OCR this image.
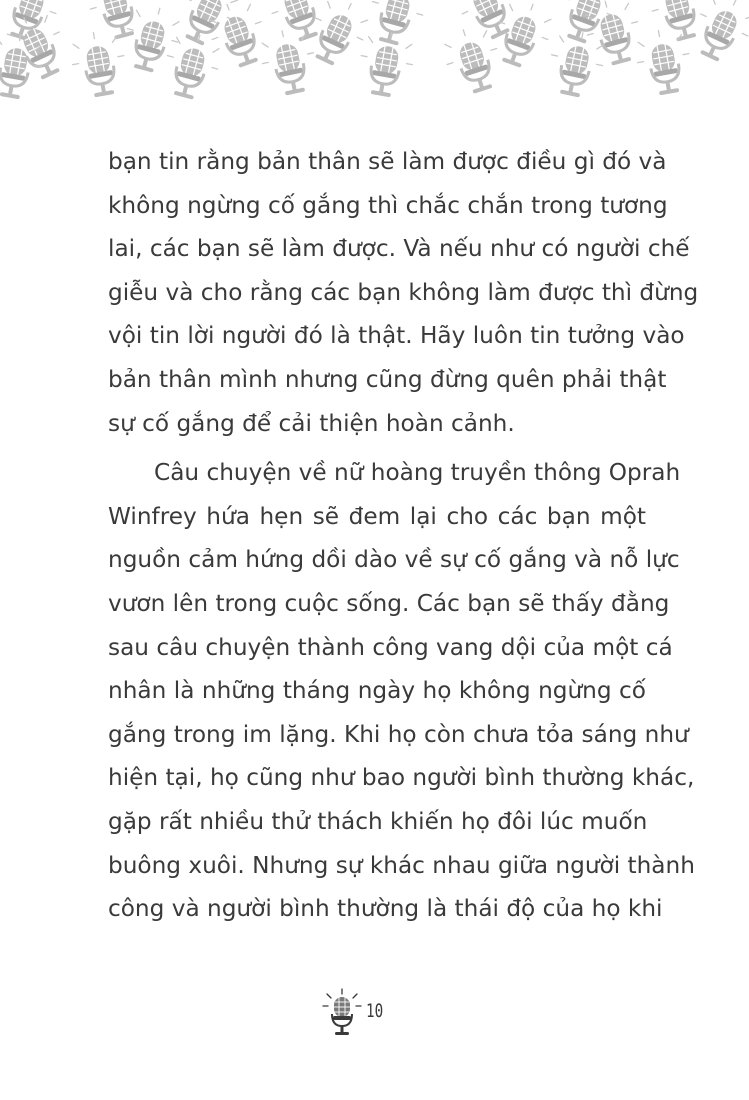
bạn tin rằng bản thân sẽ làm được điều gì đó và
không ngừng cố gắng thì chắc chắn trong tương
lai, các bạn sẽ làm được. Và nếu như có người chế
giễu và cho rằng các bạn không làm được thì đừng
vội tin lời người đó là thật. Hãy luôn tin tưởng vào
bản thân mình nhưng cũng đừng quên phải thật
sự cố gắng để cải thiện hoàn cảnh.
Câu chuyện về nữ hoàng truyền thông Oprah
Winfrey hứa hẹn sẽ đem lại cho các bạn một
nguồn cảm hứng dồi dào về sự cố gắng và nỗ lực
vươn lên trong cuộc sống. Các bạn sẽ thấy đằng
sau câu chuyện thành công vang dội của một cá
nhân là những tháng ngày họ không ngừng cố
gắng trong im lặng. Khi họ còn chưa tỏa sáng như
hiện tại, họ cũng như bao người bình thường khác,
gặp rất nhiều thử thách khiến họ đôi lúc muốn
buông xuôi. Nhưng sự khác nhau giữa người thành
công và người bình thường là thái độ của họ khi
10
